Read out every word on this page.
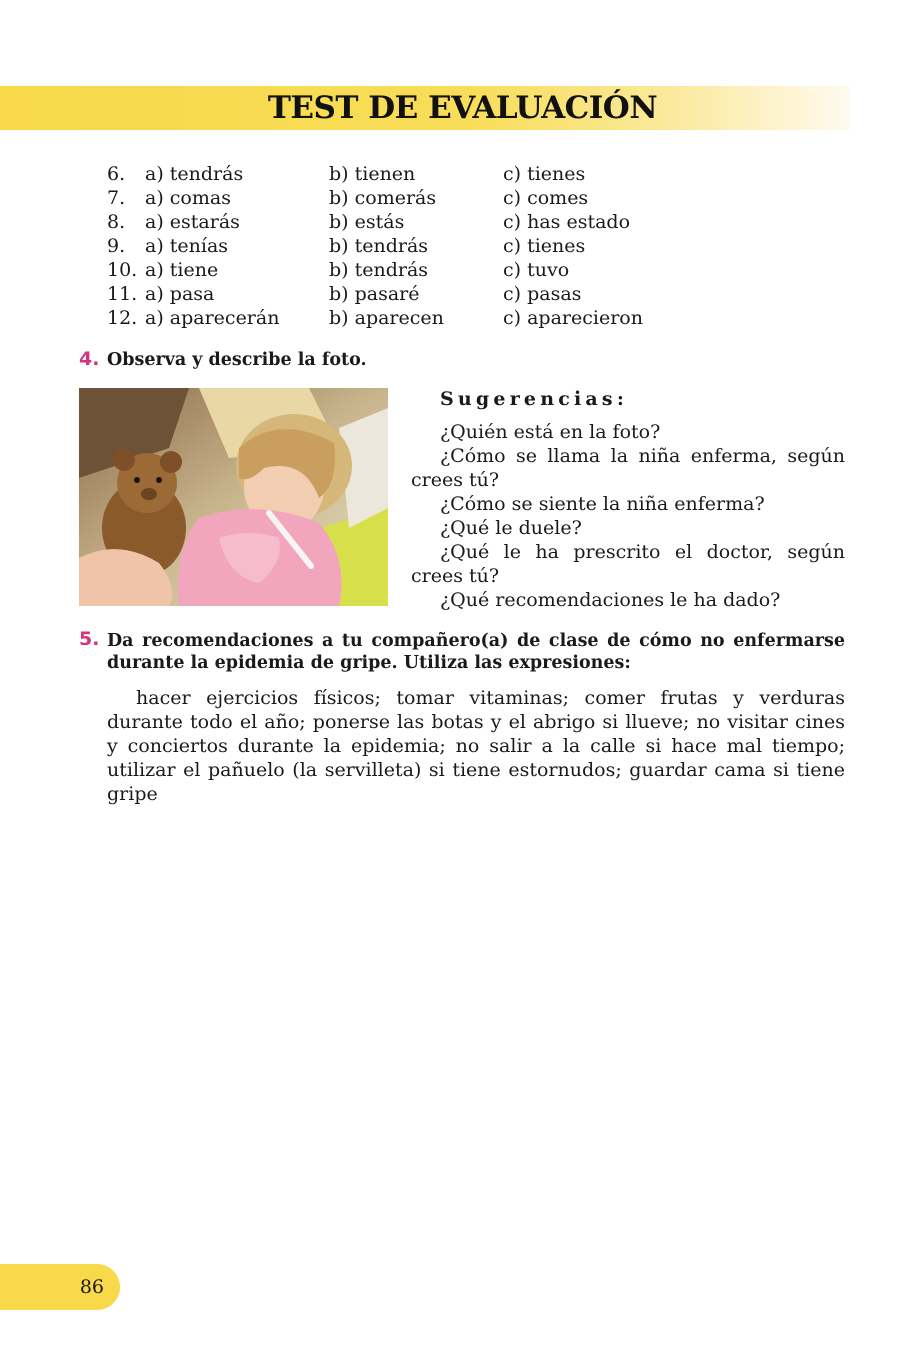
TEST DE EVALUACIÓN
6. a) tendrás	b) tienen	c) tienes
7. a) comas	b) comerás	c) comes
8. a) estarás	b) estás	c) has estado
9. a) tenías	b) tendrás	c) tienes
10. a) tiene	b) tendrás	c) tuvo
11. a) pasa	b) pasaré	c) pasas
12. a) aparecerán	b) aparecen	c) aparecieron
4. Observa y describe la foto.
Sugerencias:

¿Quién está en la foto?

¿Cómo se llama la niña enferma, según crees tú?

¿Cómo se siente la niña enferma?

¿Qué le duele?

¿Qué le ha prescrito el doctor, según crees tú?

¿Qué recomendaciones le ha dado?

5. Da recomendaciones a tu compañero(a) de clase de cómo no enfermarse durante la epidemia de gripe. Utiliza las expresiones:

hacer ejercicios físicos; tomar vitaminas; comer frutas y verduras durante todo el año; ponerse las botas y el abrigo si llueve; no visitar cines y conciertos durante la epidemia; no salir a la calle si hace mal tiempo; utilizar el pañuelo (la servilleta) si tiene estornudos; guardar cama si tiene gripe

86
